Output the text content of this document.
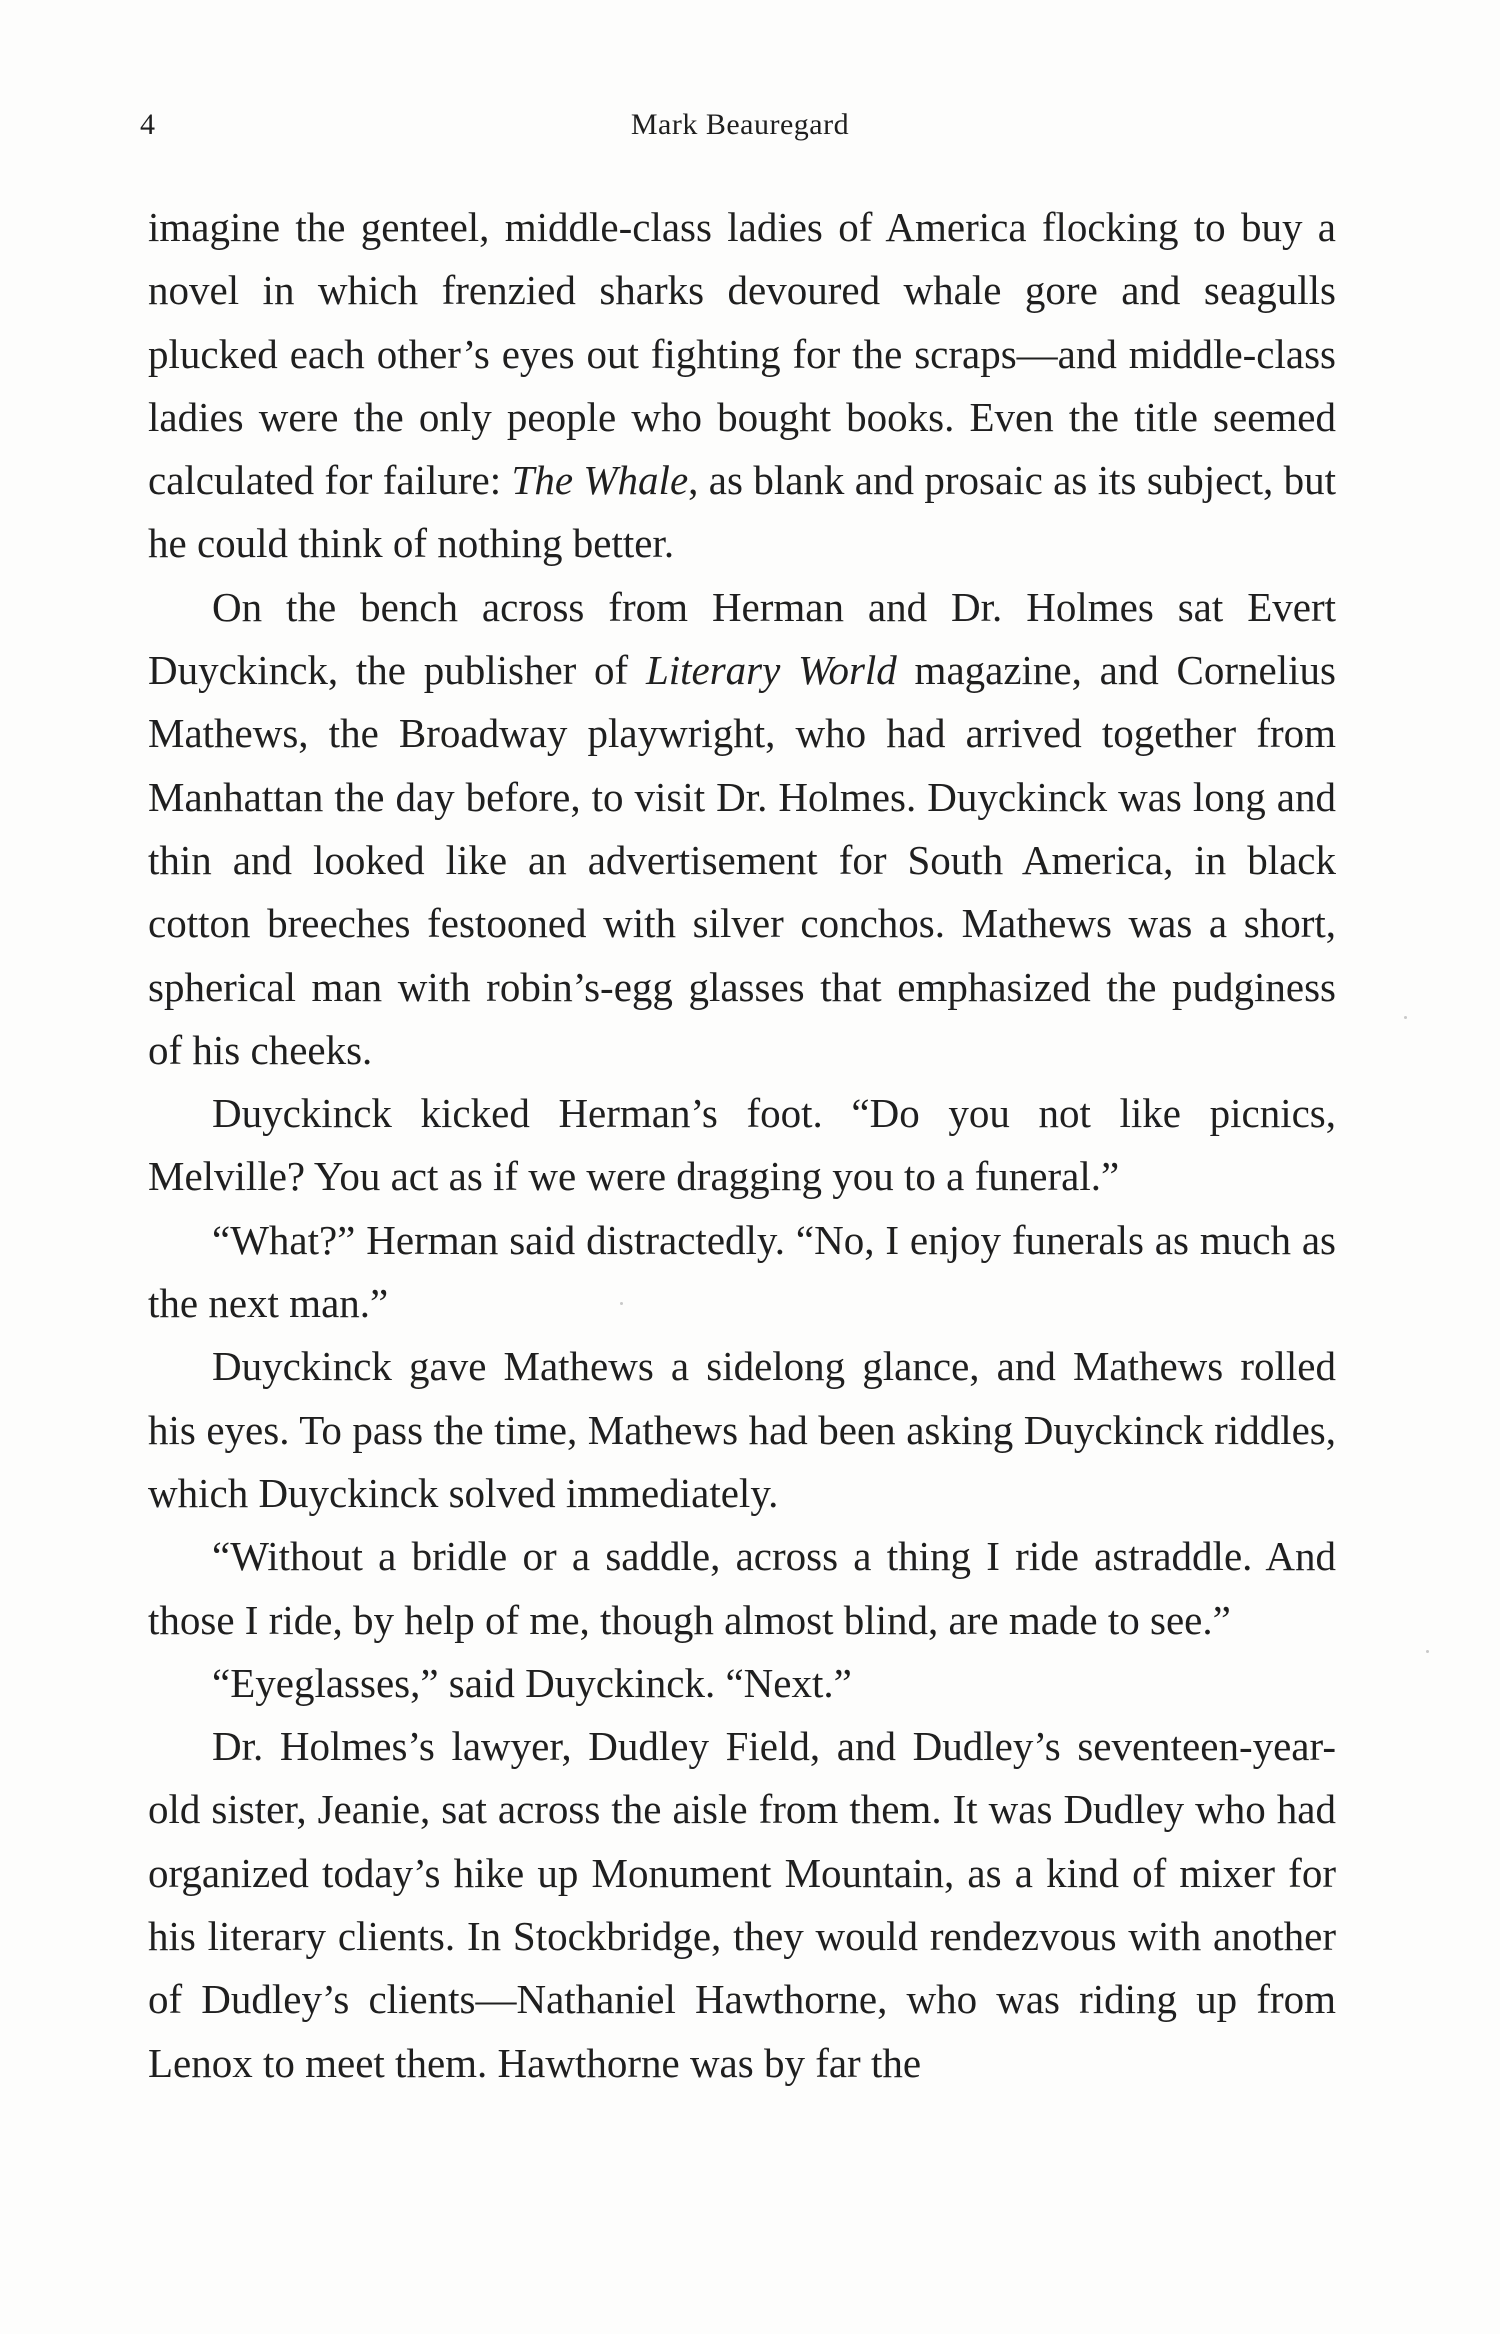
4	Mark Beauregard

imagine the genteel, middle-class ladies of America flocking to buy a novel in which frenzied sharks devoured whale gore and seagulls plucked each other’s eyes out fighting for the scraps—and middle-class ladies were the only people who bought books. Even the title seemed calculated for failure: The Whale, as blank and prosaic as its subject, but he could think of nothing better.

On the bench across from Herman and Dr. Holmes sat Evert Duyckinck, the publisher of Literary World magazine, and Cornelius Mathews, the Broadway playwright, who had arrived together from Manhattan the day before, to visit Dr. Holmes. Duyckinck was long and thin and looked like an advertisement for South America, in black cotton breeches festooned with silver conchos. Mathews was a short, spherical man with robin’s-egg glasses that emphasized the pudginess of his cheeks.

Duyckinck kicked Herman’s foot. “Do you not like picnics, Melville? You act as if we were dragging you to a funeral.”

“What?” Herman said distractedly. “No, I enjoy funerals as much as the next man.”

Duyckinck gave Mathews a sidelong glance, and Mathews rolled his eyes. To pass the time, Mathews had been asking Duyckinck riddles, which Duyckinck solved immediately.

“Without a bridle or a saddle, across a thing I ride astraddle. And those I ride, by help of me, though almost blind, are made to see.”

“Eyeglasses,” said Duyckinck. “Next.”

Dr. Holmes’s lawyer, Dudley Field, and Dudley’s seventeen-year-old sister, Jeanie, sat across the aisle from them. It was Dudley who had organized today’s hike up Monument Mountain, as a kind of mixer for his literary clients. In Stockbridge, they would rendezvous with another of Dudley’s clients—Nathaniel Hawthorne, who was riding up from Lenox to meet them. Hawthorne was by far the
